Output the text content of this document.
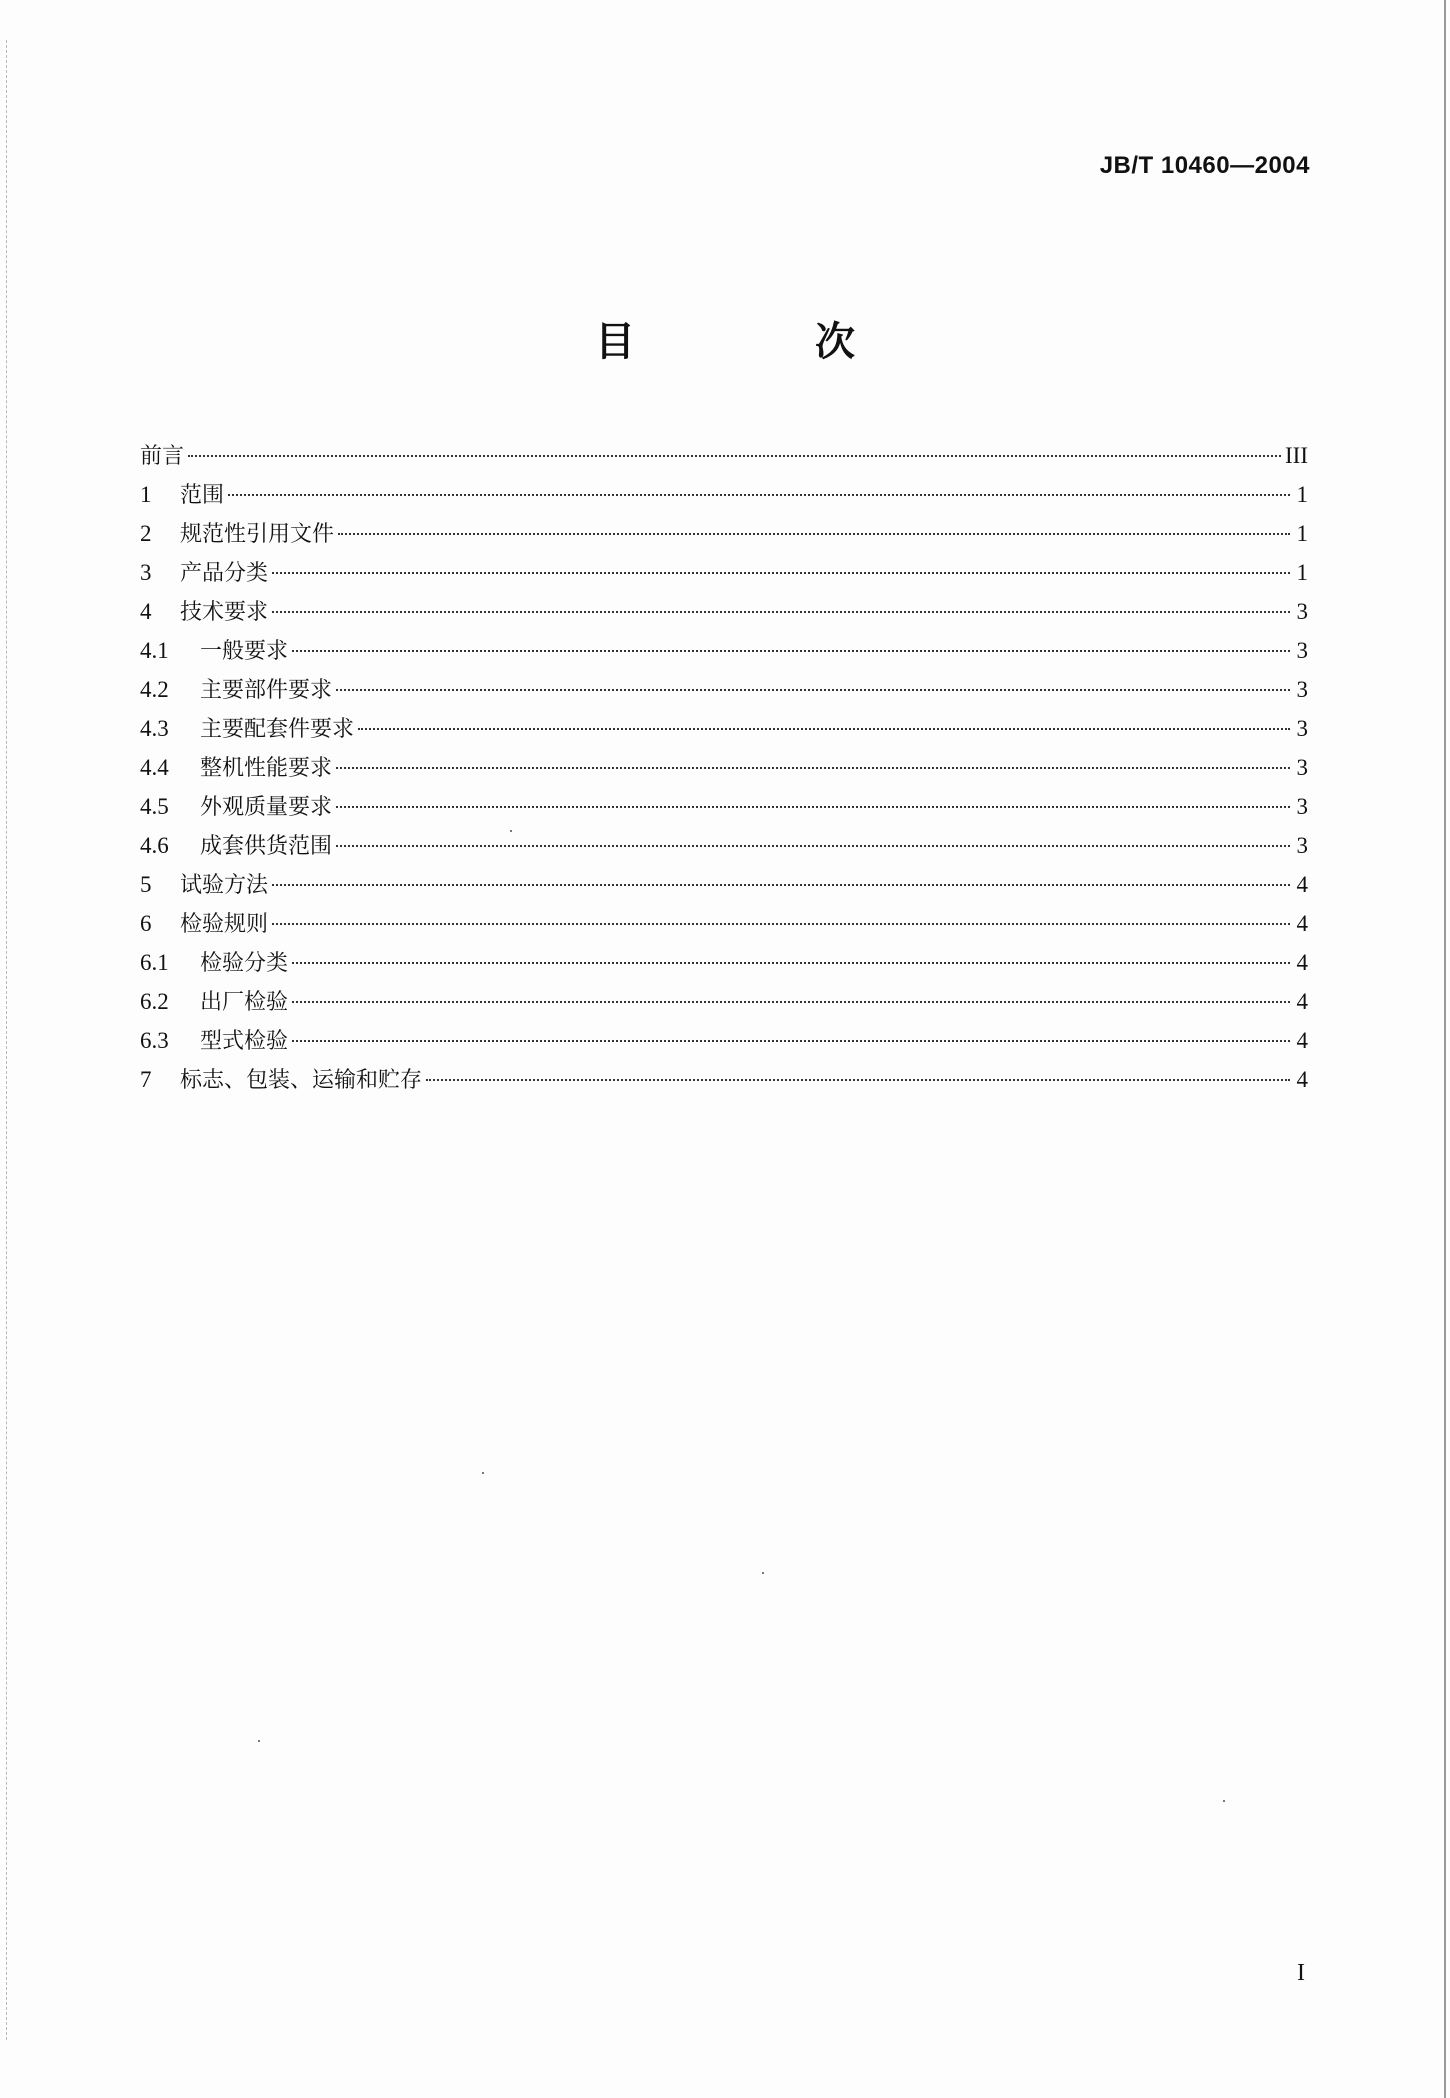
JB/T 10460—2004
目　次
前言	III
1	范围	1
2	规范性引用文件	1
3	产品分类	1
4	技术要求	3
4.1	一般要求	3
4.2	主要部件要求	3
4.3	主要配套件要求	3
4.4	整机性能要求	3
4.5	外观质量要求	3
4.6	成套供货范围	3
5	试验方法	4
6	检验规则	4
6.1	检验分类	4
6.2	出厂检验	4
6.3	型式检验	4
7	标志、包装、运输和贮存	4
I
